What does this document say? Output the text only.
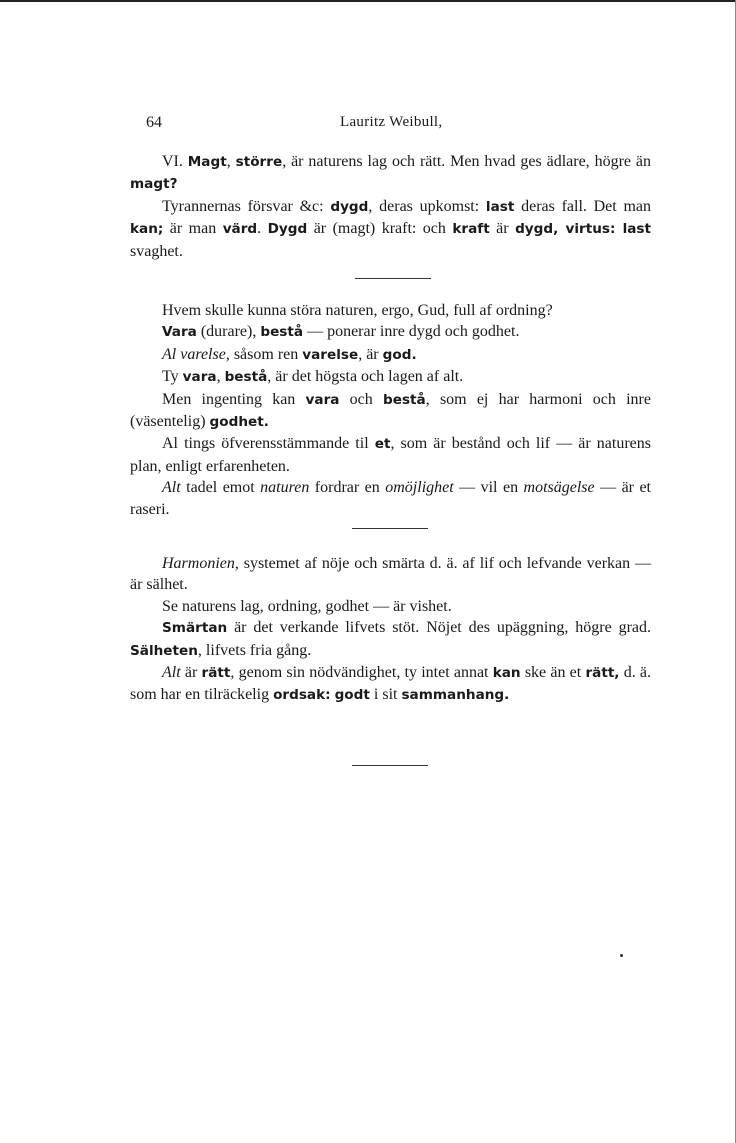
64	Lauritz Weibull,

VI. Magt, större, är naturens lag och rätt. Men hvad ges ädlare, högre än magt?

Tyrannernas försvar &c: dygd, deras upkomst: last deras fall. Det man kan; är man värd. Dygd är (magt) kraft: och kraft är dygd, virtus: last svaghet.

Hvem skulle kunna störa naturen, ergo, Gud, full af ordning?

Vara (durare), bestå — ponerar inre dygd och godhet.

Al varelse, såsom ren varelse, är god.

Ty vara, bestå, är det högsta och lagen af alt.

Men ingenting kan vara och bestå, som ej har harmoni och inre (väsentelig) godhet.

Al tings öfverensstämmande til et, som är bestånd och lif — är naturens plan, enligt erfarenheten.

Alt tadel emot naturen fordrar en omöjlighet — vil en motsägelse — är et raseri.

Harmonien, systemet af nöje och smärta d. ä. af lif och lefvande verkan — är sälhet.

Se naturens lag, ordning, godhet — är vishet.

Smärtan är det verkande lifvets stöt. Nöjet des upäggning, högre grad. Sälheten, lifvets fria gång.

Alt är rätt, genom sin nödvändighet, ty intet annat kan ske än et rätt, d. ä. som har en tilräckelig ordsak: godt i sit sammanhang.
